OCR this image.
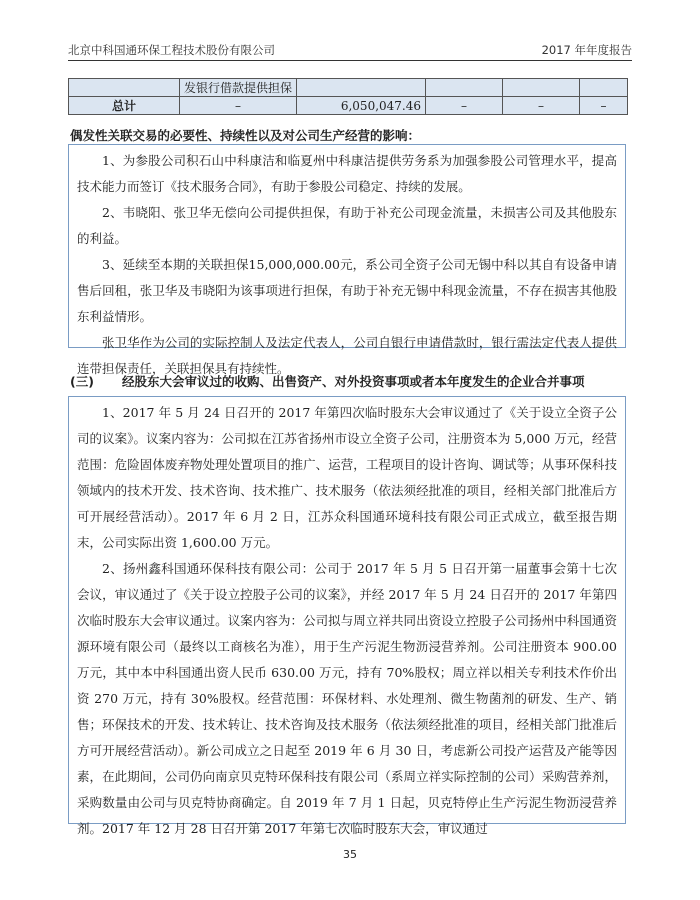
北京中科国通环保工程技术股份有限公司	2017 年年度报告
	发银行借款提供担保				
总计	–	6,050,047.46	–	–	–
偶发性关联交易的必要性、持续性以及对公司生产经营的影响：

1、为参股公司积石山中科康洁和临夏州中科康洁提供劳务系为加强参股公司管理水平，提高技术能力而签订《技术服务合同》，有助于参股公司稳定、持续的发展。

2、韦晓阳、张卫华无偿向公司提供担保，有助于补充公司现金流量，未损害公司及其他股东的利益。

3、延续至本期的关联担保15,000,000.00元，系公司全资子公司无锡中科以其自有设备申请售后回租，张卫华及韦晓阳为该事项进行担保，有助于补充无锡中科现金流量，不存在损害其他股东利益情形。

张卫华作为公司的实际控制人及法定代表人，公司自银行申请借款时，银行需法定代表人提供连带担保责任，关联担保具有持续性。

(三) 经股东大会审议过的收购、出售资产、对外投资事项或者本年度发生的企业合并事项

1、2017 年 5 月 24 日召开的 2017 年第四次临时股东大会审议通过了《关于设立全资子公司的议案》。议案内容为：公司拟在江苏省扬州市设立全资子公司，注册资本为 5,000 万元，经营范围：危险固体废弃物处理处置项目的推广、运营，工程项目的设计咨询、调试等；从事环保科技领域内的技术开发、技术咨询、技术推广、技术服务（依法须经批准的项目，经相关部门批准后方可开展经营活动）。2017 年 6 月 2 日，江苏众科国通环境科技有限公司正式成立，截至报告期末，公司实际出资 1,600.00 万元。

2、扬州鑫科国通环保科技有限公司：公司于 2017 年 5 月 5 日召开第一届董事会第十七次会议，审议通过了《关于设立控股子公司的议案》，并经 2017 年 5 月 24 日召开的 2017 年第四次临时股东大会审议通过。议案内容为：公司拟与周立祥共同出资设立控股子公司扬州中科国通资源环境有限公司（最终以工商核名为准），用于生产污泥生物沥浸营养剂。公司注册资本 900.00 万元，其中本中科国通出资人民币 630.00 万元，持有 70%股权；周立祥以相关专利技术作价出资 270 万元，持有 30%股权。经营范围：环保材料、水处理剂、微生物菌剂的研发、生产、销售；环保技术的开发、技术转让、技术咨询及技术服务（依法须经批准的项目，经相关部门批准后方可开展经营活动）。新公司成立之日起至 2019 年 6 月 30 日，考虑新公司投产运营及产能等因素，在此期间，公司仍向南京贝克特环保科技有限公司（系周立祥实际控制的公司）采购营养剂，采购数量由公司与贝克特协商确定。自 2019 年 7 月 1 日起，贝克特停止生产污泥生物沥浸营养剂。2017 年 12 月 28 日召开第 2017 年第七次临时股东大会，审议通过

35
